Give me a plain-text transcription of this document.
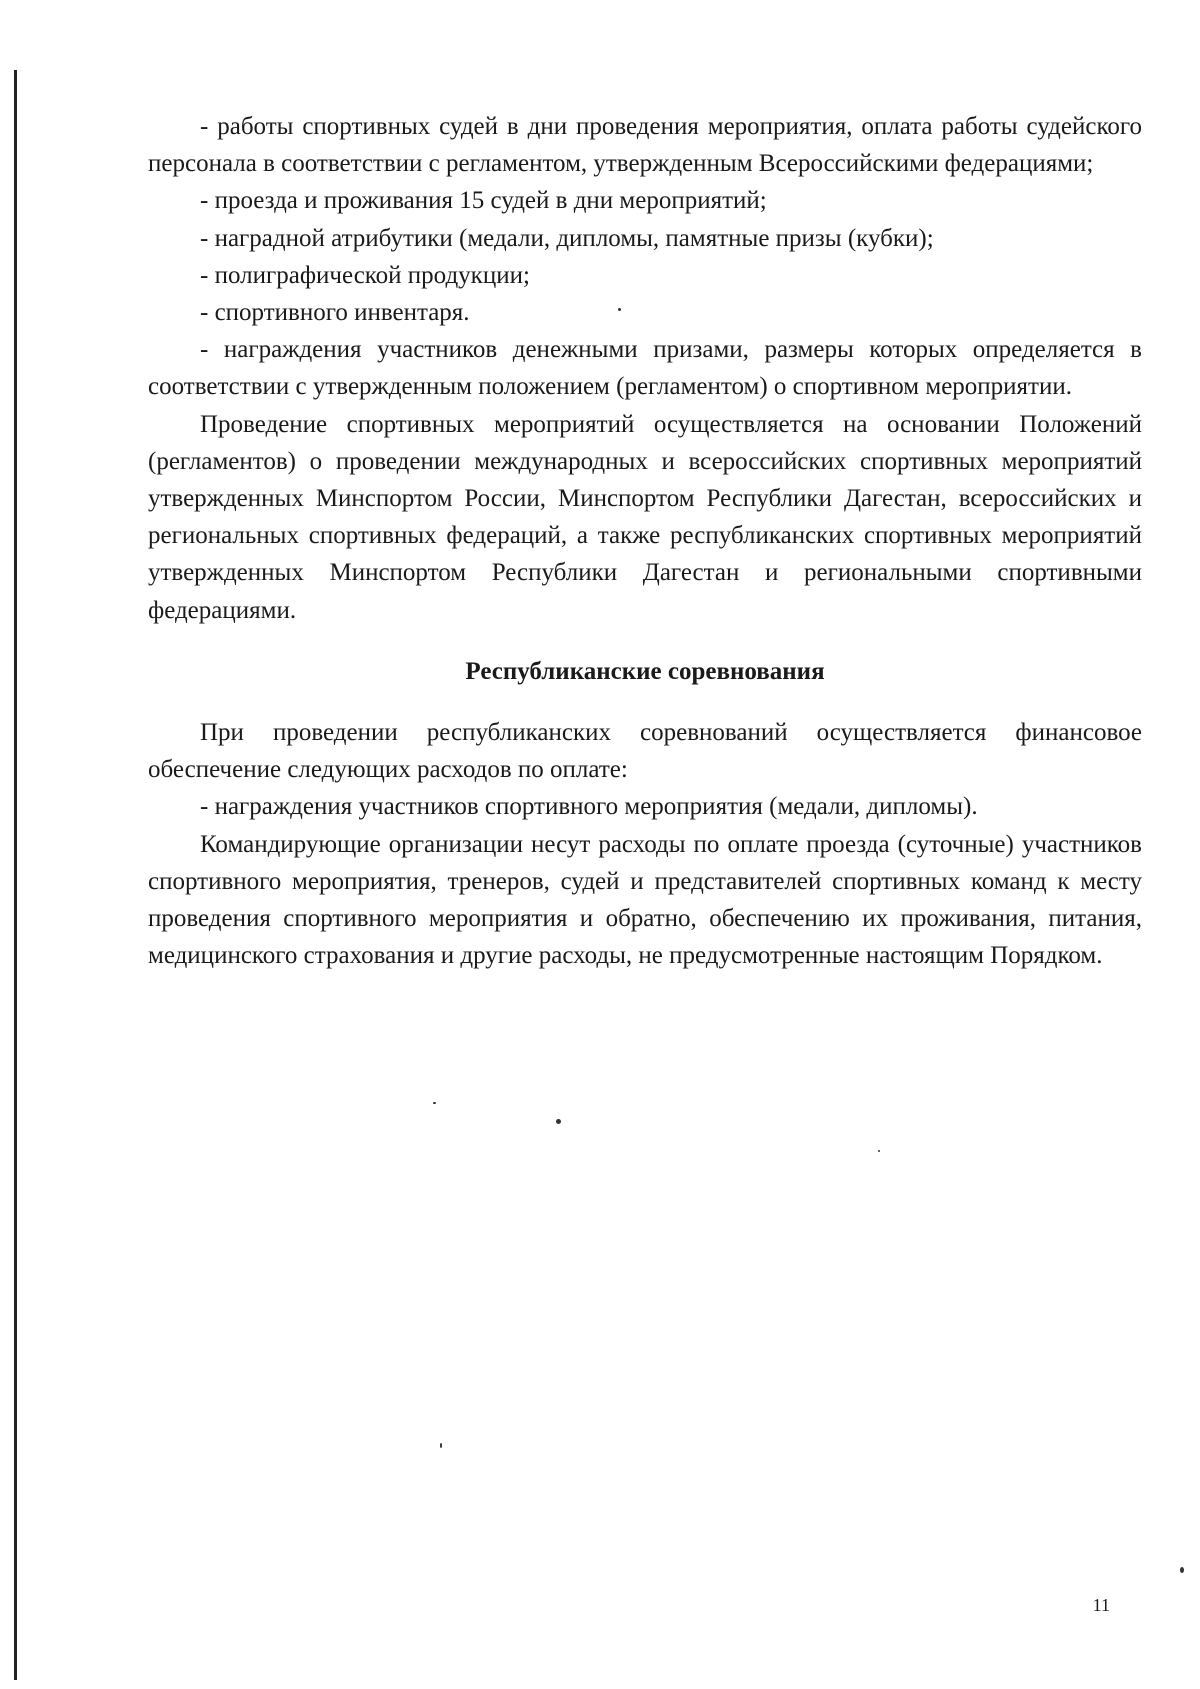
- работы спортивных судей в дни проведения мероприятия, оплата работы судейского персонала в соответствии с регламентом, утвержденным Всероссийскими федерациями;

- проезда и проживания 15 судей в дни мероприятий;

- наградной атрибутики (медали, дипломы, памятные призы (кубки);

- полиграфической продукции;

- спортивного инвентаря.

- награждения участников денежными призами, размеры которых определяется в соответствии с утвержденным положением (регламентом) о спортивном мероприятии.

Проведение спортивных мероприятий осуществляется на основании Положений (регламентов) о проведении международных и всероссийских спортивных мероприятий утвержденных Минспортом России, Минспортом Республики Дагестан, всероссийских и региональных спортивных федераций, а также республиканских спортивных мероприятий утвержденных Минспортом Республики Дагестан и региональными спортивными федерациями.

Республиканские соревнования

При проведении республиканских соревнований осуществляется финансовое обеспечение следующих расходов по оплате:

- награждения участников спортивного мероприятия (медали, дипломы).

Командирующие организации несут расходы по оплате проезда (суточные) участников спортивного мероприятия, тренеров, судей и представителей спортивных команд к месту проведения спортивного мероприятия и обратно, обеспечению их проживания, питания, медицинского страхования и другие расходы, не предусмотренные настоящим Порядком.

11
